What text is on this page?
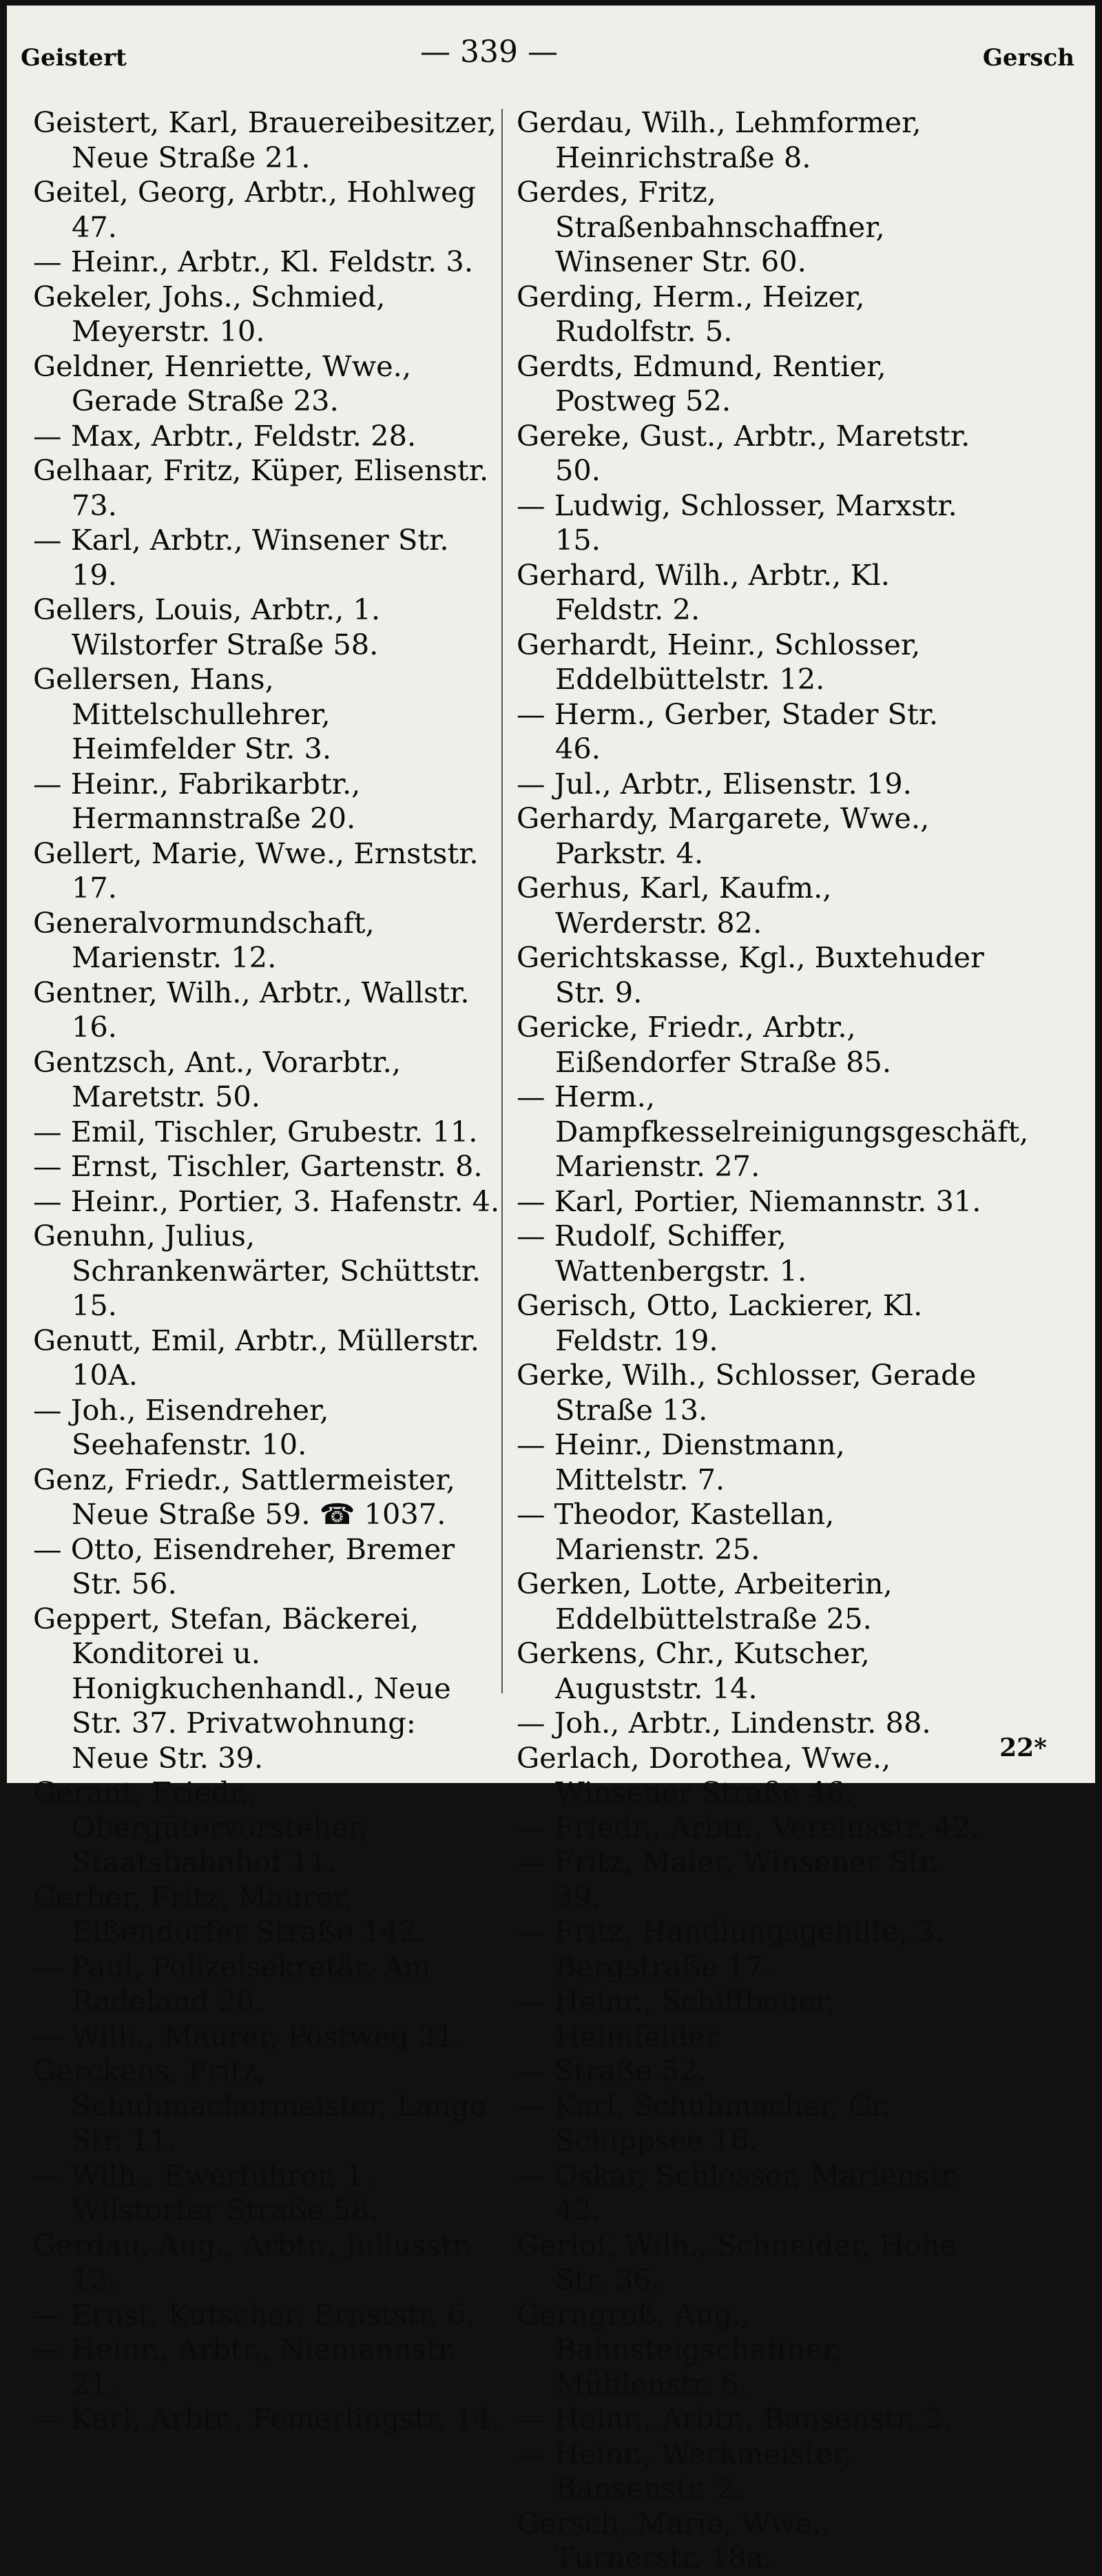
Geistert	— 339 —	Gersch
Geistert, Karl, Brauereibesitzer, Neue Straße 21.
Geitel, Georg, Arbtr., Hohlweg 47.
— Heinr., Arbtr., Kl. Feldstr. 3.
Gekeler, Johs., Schmied, Meyerstr. 10.
Geldner, Henriette, Wwe., Gerade Straße 23.
— Max, Arbtr., Feldstr. 28.
Gelhaar, Fritz, Küper, Elisenstr. 73.
— Karl, Arbtr., Winsener Str. 19.
Gellers, Louis, Arbtr., 1. Wilstorfer Straße 58.
Gellersen, Hans, Mittelschullehrer, Heimfelder Str. 3.
— Heinr., Fabrikarbtr., Hermannstraße 20.
Gellert, Marie, Wwe., Ernststr. 17.
Generalvormundschaft, Marienstr. 12.
Gentner, Wilh., Arbtr., Wallstr. 16.
Gentzsch, Ant., Vorarbtr., Maretstr. 50.
— Emil, Tischler, Grubestr. 11.
— Ernst, Tischler, Gartenstr. 8.
— Heinr., Portier, 3. Hafenstr. 4.
Genuhn, Julius, Schrankenwärter, Schüttstr. 15.
Genutt, Emil, Arbtr., Müllerstr. 10A.
— Joh., Eisendreher, Seehafenstr. 10.
Genz, Friedr., Sattlermeister, Neue Straße 59. ☎ 1037.
— Otto, Eisendreher, Bremer Str. 56.
Geppert, Stefan, Bäckerei, Konditorei u. Honigkuchenhandl., Neue Str. 37. Privatwohnung: Neue Str. 39.
Gerant, Friedr., Obergütervorsteher, Staatsbahnhof 11.
Gerber, Fritz, Maurer, Eißendorfer Straße 142.
— Paul, Polizeisekretär, Am Radeland 26.
— Wilh., Maurer, Postweg 31.
Gerckens, Fritz, Schuhmachermeister, Lange Str. 11.
— Wilh., Ewerführer, 1. Wilstorfer Straße 58.
Gerdau, Aug., Arbtr., Juliusstr. 12.
— Ernst, Kutscher, Ernststr. 6.
— Heinr., Arbtr., Niemannstr. 21.
— Karl, Arbtr., Femerlingstr. 14.
Gerdau, Wilh., Lehmformer, Heinrichstraße 8.
Gerdes, Fritz, Straßenbahnschaffner, Winsener Str. 60.
Gerding, Herm., Heizer, Rudolfstr. 5.
Gerdts, Edmund, Rentier, Postweg 52.
Gereke, Gust., Arbtr., Maretstr. 50.
— Ludwig, Schlosser, Marxstr. 15.
Gerhard, Wilh., Arbtr., Kl. Feldstr. 2.
Gerhardt, Heinr., Schlosser, Eddelbüttelstr. 12.
— Herm., Gerber, Stader Str. 46.
— Jul., Arbtr., Elisenstr. 19.
Gerhardy, Margarete, Wwe., Parkstr. 4.
Gerhus, Karl, Kaufm., Werderstr. 82.
Gerichtskasse, Kgl., Buxtehuder Str. 9.
Gericke, Friedr., Arbtr., Eißendorfer Straße 85.
— Herm., Dampfkesselreinigungsgeschäft, Marienstr. 27.
— Karl, Portier, Niemannstr. 31.
— Rudolf, Schiffer, Wattenbergstr. 1.
Gerisch, Otto, Lackierer, Kl. Feldstr. 19.
Gerke, Wilh., Schlosser, Gerade Straße 13.
— Heinr., Dienstmann, Mittelstr. 7.
— Theodor, Kastellan, Marienstr. 25.
Gerken, Lotte, Arbeiterin, Eddelbüttelstraße 25.
Gerkens, Chr., Kutscher, Auguststr. 14.
— Joh., Arbtr., Lindenstr. 88.
Gerlach, Dorothea, Wwe., Winsener Straße 46.
— Friedr., Arbtr., Vereinsstr. 42.
— Fritz, Maler, Winsener Str. 39.
— Fritz, Handlungsgehilfe, 3. Bergstraße 17.
— Heinr., Schiffbauer, Heimfelder
— Straße 52.
— Karl, Schuhmacher, Gr. Schippsee 16.
— Oskar, Schlosser, Marienstr. 42.
Gerlof, Wilh., Schneider, Hohe Str. 36.
Gerngroß, Aug., Bahnsteigschaffner, Mühlenstr. 6.
— Heinr., Arbtr., Bansenstr. 2.
— Heinr., Werkmeister, Bansenstr. 2.
Gersch, Marie, Wwe., Turnerstr. 18a.
22*
